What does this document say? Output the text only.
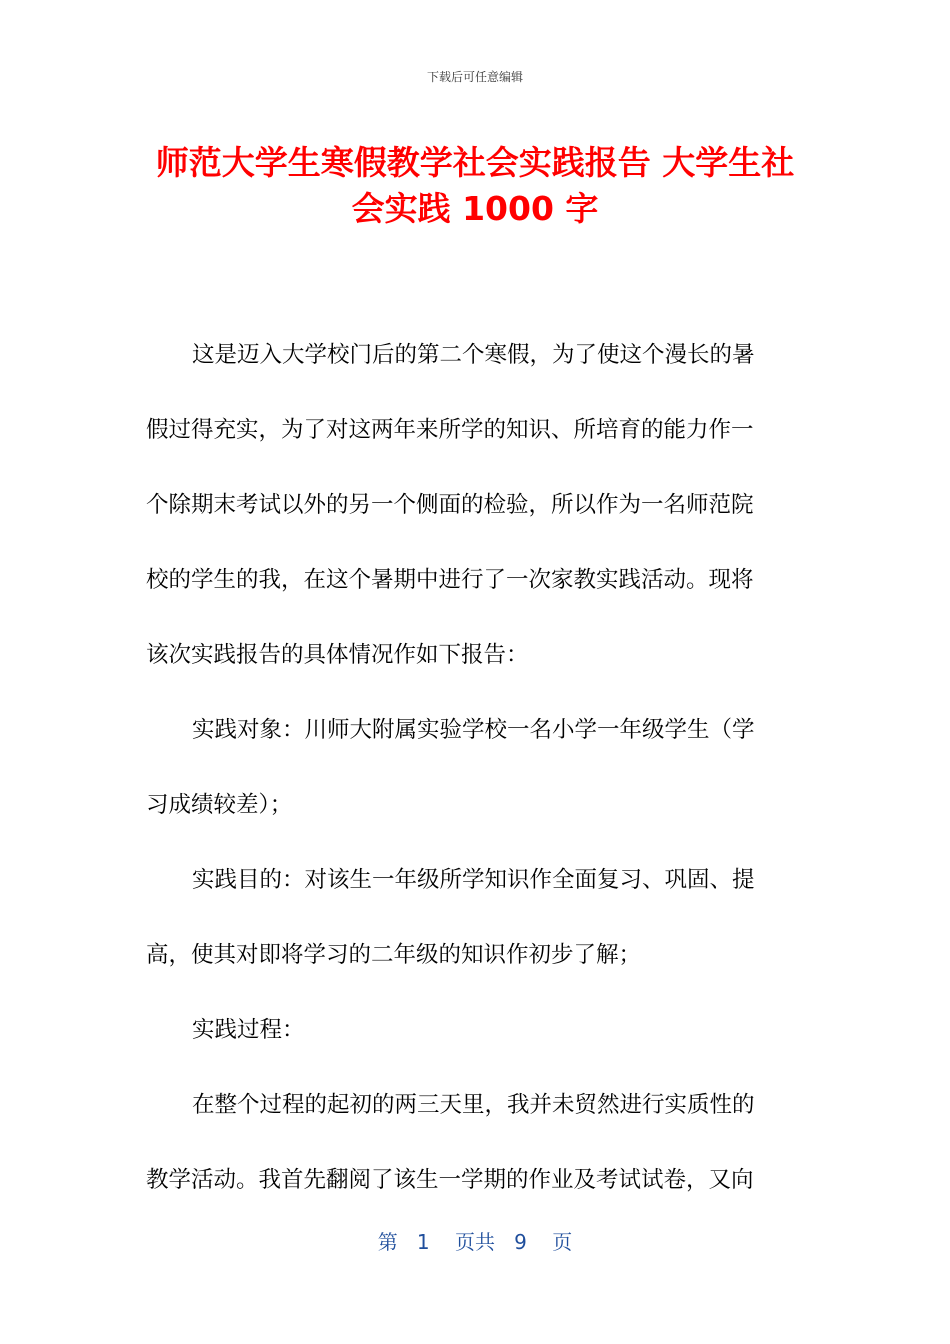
下载后可任意编辑
师范大学生寒假教学社会实践报告 大学生社
会实践 1000 字
这是迈入大学校门后的第二个寒假，为了使这个漫长的暑
假过得充实，为了对这两年来所学的知识、所培育的能力作一
个除期末考试以外的另一个侧面的检验，所以作为一名师范院
校的学生的我，在这个暑期中进行了一次家教实践活动。现将
该次实践报告的具体情况作如下报告：
实践对象：川师大附属实验学校一名小学一年级学生（学
习成绩较差）；
实践目的：对该生一年级所学知识作全面复习、巩固、提
高，使其对即将学习的二年级的知识作初步了解；
实践过程：
在整个过程的起初的两三天里，我并未贸然进行实质性的
教学活动。我首先翻阅了该生一学期的作业及考试试卷，又向
第 1 页共 9 页
